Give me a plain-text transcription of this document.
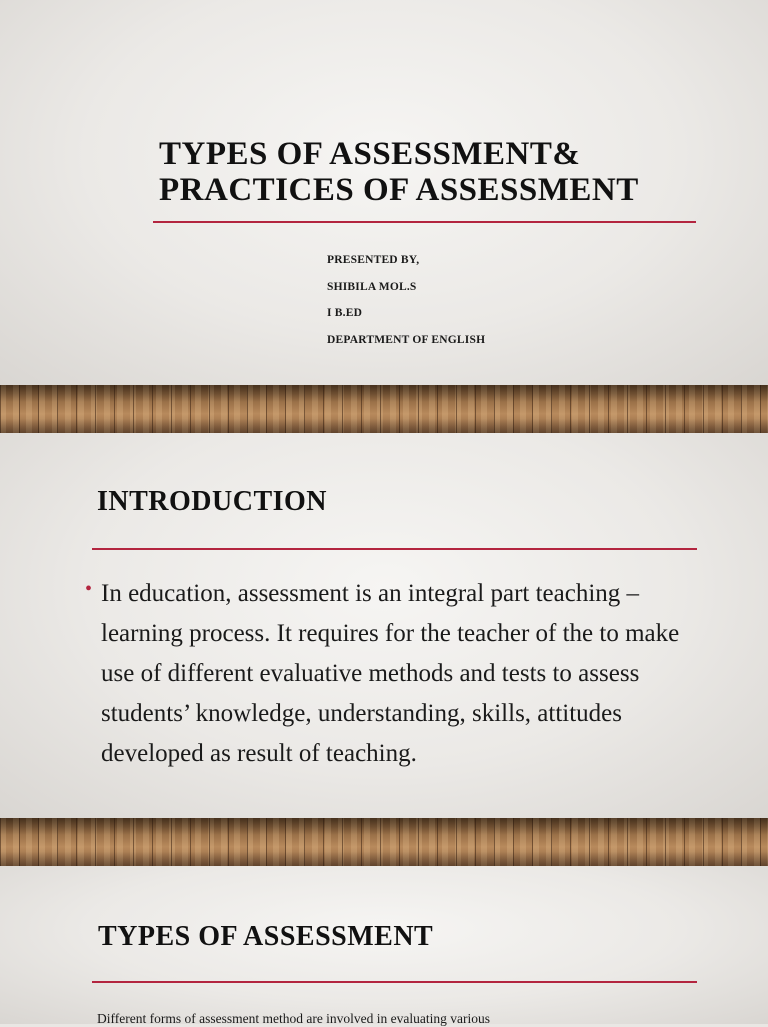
TYPES OF ASSESSMENT&
PRACTICES OF ASSESSMENT
PRESENTED BY,
SHIBILA MOL.S
I B.ED
DEPARTMENT OF ENGLISH
INTRODUCTION
• In education, assessment is an integral part teaching – learning process. It requires for the teacher of the to make use of different evaluative methods and tests to assess students’ knowledge, understanding, skills, attitudes developed as result of teaching.

TYPES OF ASSESSMENT
Different forms of assessment method are involved in evaluating various
